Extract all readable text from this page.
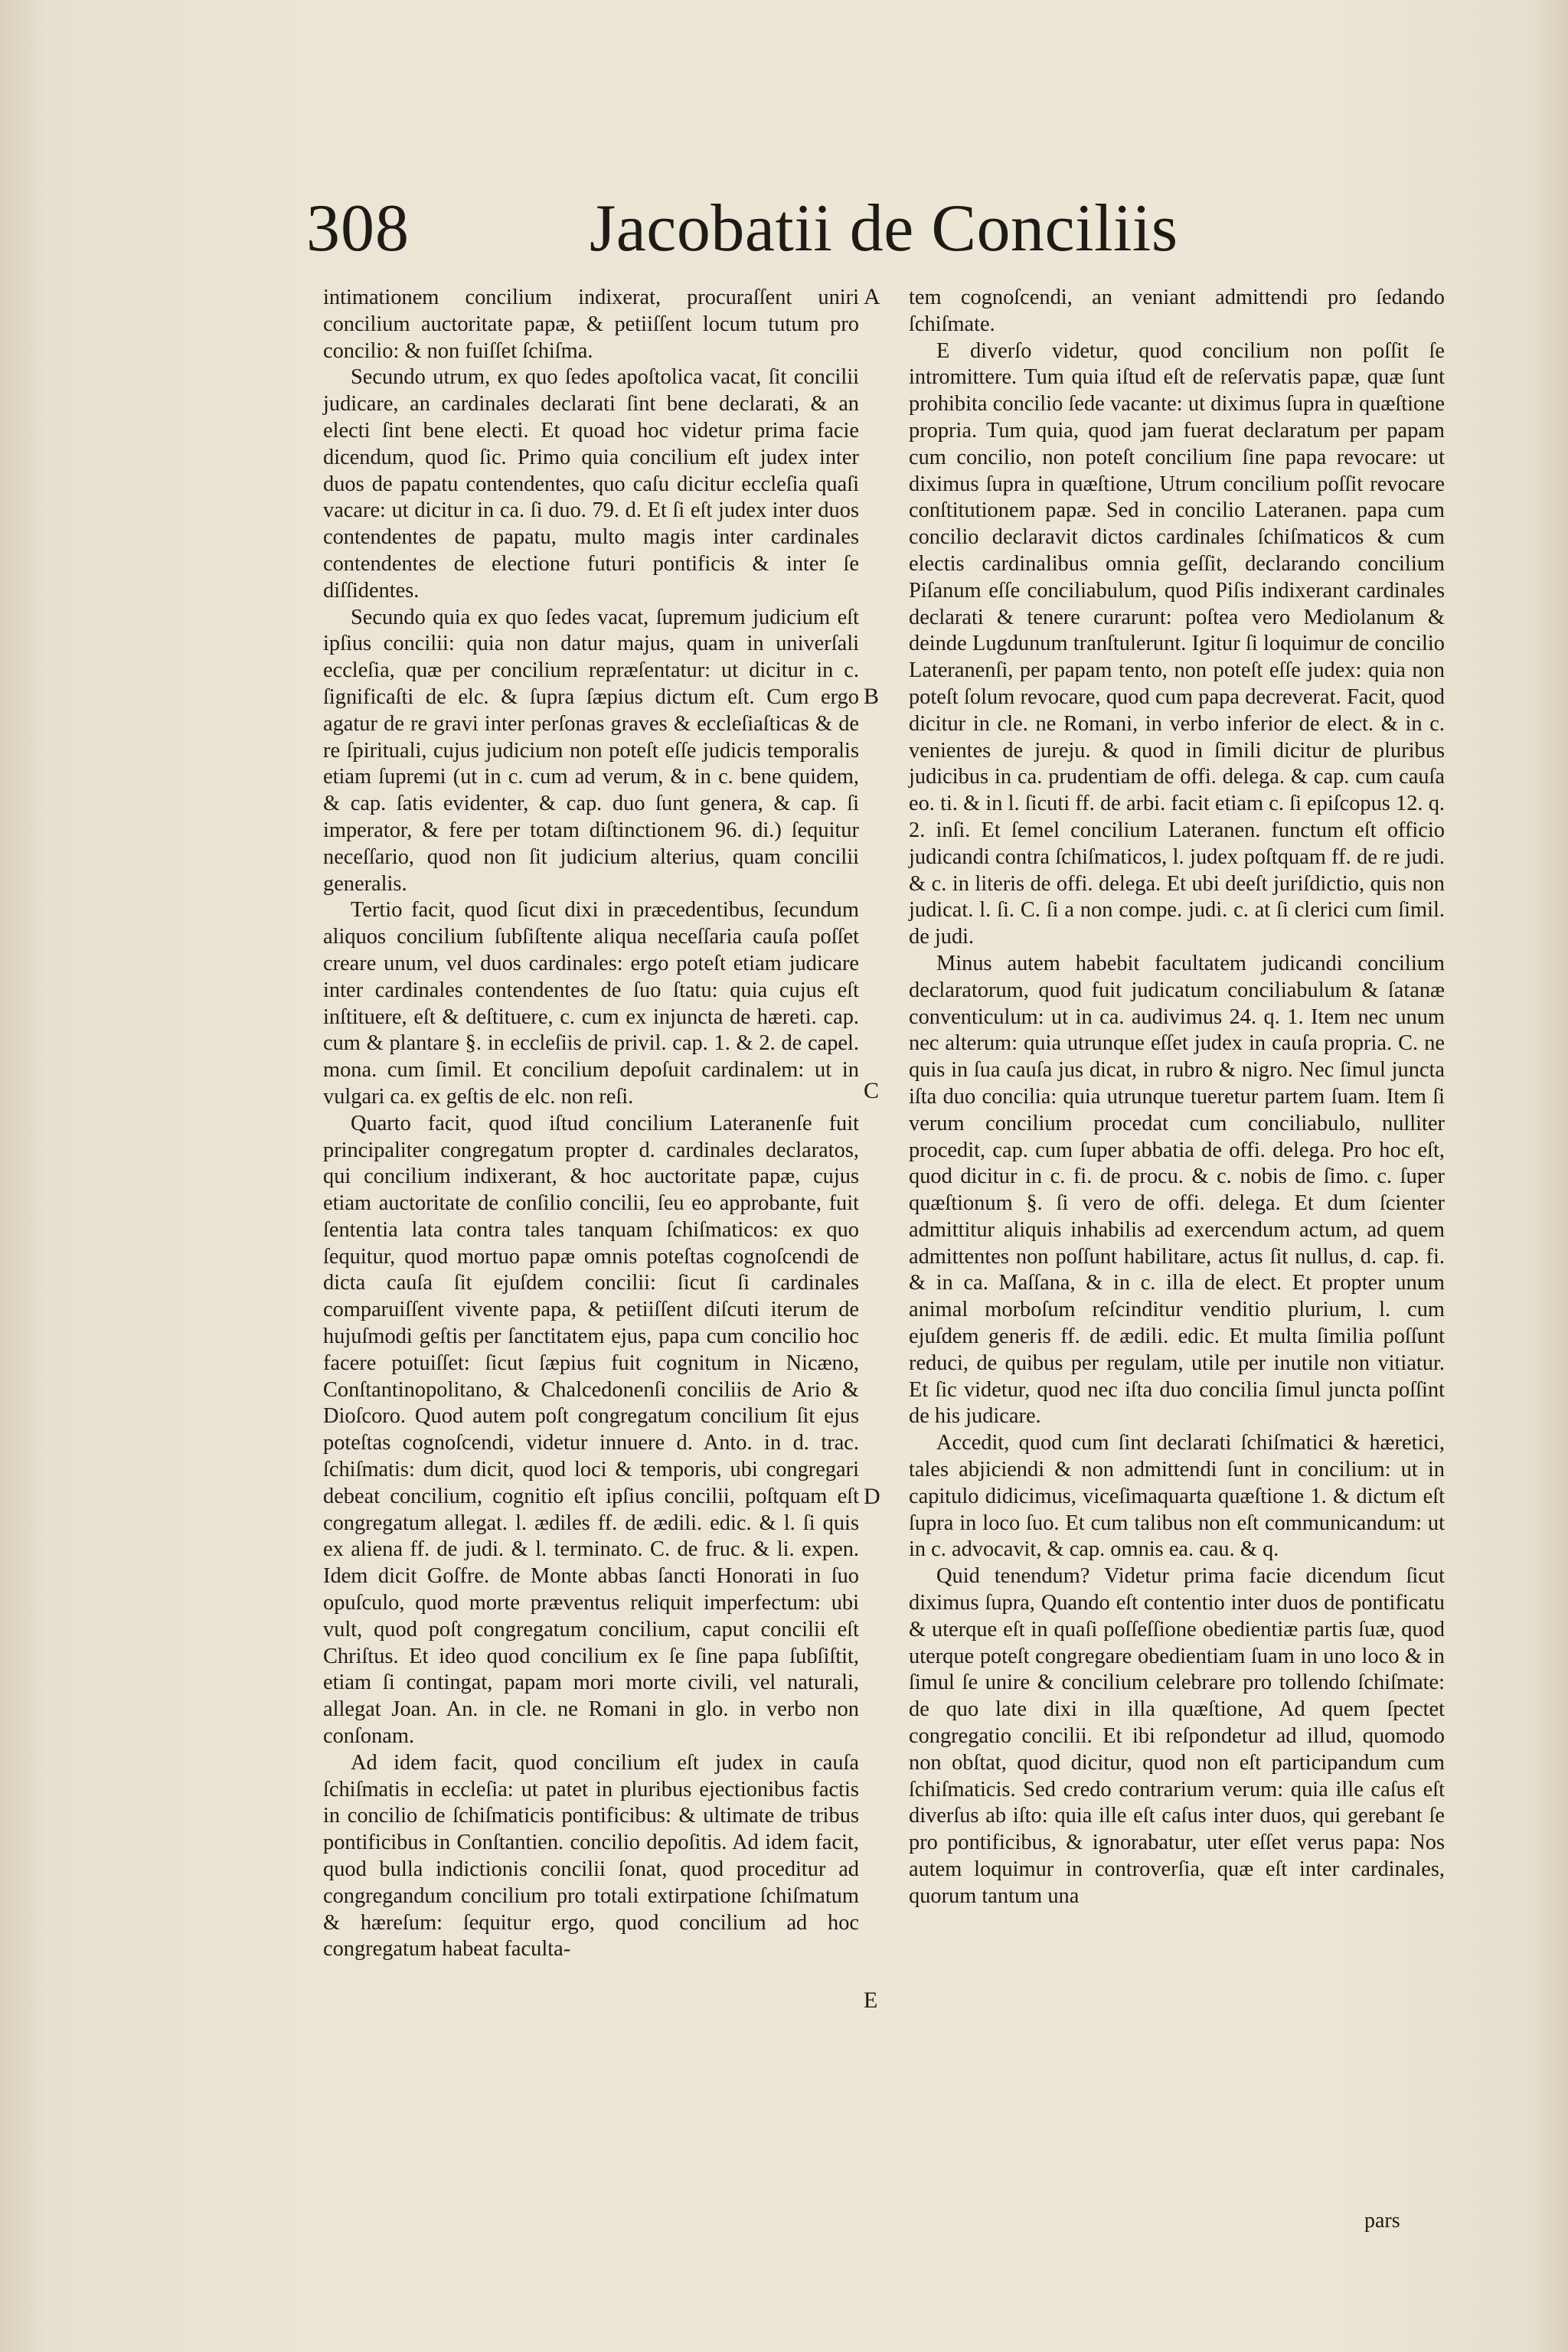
308	Jacobatii de Conciliis

intimationem concilium indixerat, procuraſſent uniri concilium auctoritate papæ, & petiiſſent locum tutum pro concilio: & non fuiſſet ſchiſma.

Secundo utrum, ex quo ſedes apoſtolica vacat, ſit concilii judicare, an cardinales declarati ſint bene declarati, & an electi ſint bene electi. Et quoad hoc videtur prima facie dicendum, quod ſic. Primo quia concilium eſt judex inter duos de papatu contendentes, quo caſu dicitur eccleſia quaſi vacare: ut dicitur in ca. ſi duo. 79. d. Et ſi eſt judex inter duos contendentes de papatu, multo magis inter cardinales contendentes de electione futuri pontificis & inter ſe diſſidentes.

Secundo quia ex quo ſedes vacat, ſupremum judicium eſt ipſius concilii: quia non datur majus, quam in univerſali eccleſia, quæ per concilium repræſentatur: ut dicitur in c. ſignificaſti de elc. & ſupra ſæpius dictum eſt. Cum ergo agatur de re gravi inter perſonas graves & eccleſiaſticas & de re ſpirituali, cujus judicium non poteſt eſſe judicis temporalis etiam ſupremi (ut in c. cum ad verum, & in c. bene quidem, & cap. ſatis evidenter, & cap. duo ſunt genera, & cap. ſi imperator, & fere per totam diſtinctionem 96. di.) ſequitur neceſſario, quod non ſit judicium alterius, quam concilii generalis.

Tertio facit, quod ſicut dixi in præcedentibus, ſecundum aliquos concilium ſubſiſtente aliqua neceſſaria cauſa poſſet creare unum, vel duos cardinales: ergo poteſt etiam judicare inter cardinales contendentes de ſuo ſtatu: quia cujus eſt inſtituere, eſt & deſtituere, c. cum ex injuncta de hæreti. cap. cum & plantare §. in eccleſiis de privil. cap. 1. & 2. de capel. mona. cum ſimil. Et concilium depoſuit cardinalem: ut in vulgari ca. ex geſtis de elc. non reſi.

Quarto facit, quod iſtud concilium Lateranenſe fuit principaliter congregatum propter d. cardinales declaratos, qui concilium indixerant, & hoc auctoritate papæ, cujus etiam auctoritate de conſilio concilii, ſeu eo approbante, fuit ſententia lata contra tales tanquam ſchiſmaticos: ex quo ſequitur, quod mortuo papæ omnis poteſtas cognoſcendi de dicta cauſa ſit ejuſdem concilii: ſicut ſi cardinales comparuiſſent vivente papa, & petiiſſent diſcuti iterum de hujuſmodi geſtis per ſanctitatem ejus, papa cum concilio hoc facere potuiſſet: ſicut ſæpius fuit cognitum in Nicæno, Conſtantinopolitano, & Chalcedonenſi conciliis de Ario & Dioſcoro. Quod autem poſt congregatum concilium ſit ejus poteſtas cognoſcendi, videtur innuere d. Anto. in d. trac. ſchiſmatis: dum dicit, quod loci & temporis, ubi congregari debeat concilium, cognitio eſt ipſius concilii, poſtquam eſt congregatum allegat. l. ædiles ff. de ædili. edic. & l. ſi quis ex aliena ff. de judi. & l. terminato. C. de fruc. & li. expen. Idem dicit Goſfre. de Monte abbas ſancti Honorati in ſuo opuſculo, quod morte præventus reliquit imperfectum: ubi vult, quod poſt congregatum concilium, caput concilii eſt Chriſtus. Et ideo quod concilium ex ſe ſine papa ſubſiſtit, etiam ſi contingat, papam mori morte civili, vel naturali, allegat Joan. An. in cle. ne Romani in glo. in verbo non conſonam.

Ad idem facit, quod concilium eſt judex in cauſa ſchiſmatis in eccleſia: ut patet in pluribus ejectionibus factis in concilio de ſchiſmaticis pontificibus: & ultimate de tribus pontificibus in Conſtantien. concilio depoſitis. Ad idem facit, quod bulla indictionis concilii ſonat, quod proceditur ad congregandum concilium pro totali extirpatione ſchiſmatum & hæreſum: ſequitur ergo, quod concilium ad hoc congregatum habeat faculta-

tem cognoſcendi, an veniant admittendi pro ſedando ſchiſmate.

E diverſo videtur, quod concilium non poſſit ſe intromittere. Tum quia iſtud eſt de reſervatis papæ, quæ ſunt prohibita concilio ſede vacante: ut diximus ſupra in quæſtione propria. Tum quia, quod jam fuerat declaratum per papam cum concilio, non poteſt concilium ſine papa revocare: ut diximus ſupra in quæſtione, Utrum concilium poſſit revocare conſtitutionem papæ. Sed in concilio Lateranen. papa cum concilio declaravit dictos cardinales ſchiſmaticos & cum electis cardinalibus omnia geſſit, declarando concilium Piſanum eſſe conciliabulum, quod Piſis indixerant cardinales declarati & tenere curarunt: poſtea vero Mediolanum & deinde Lugdunum tranſtulerunt. Igitur ſi loquimur de concilio Lateranenſi, per papam tento, non poteſt eſſe judex: quia non poteſt ſolum revocare, quod cum papa decreverat. Facit, quod dicitur in cle. ne Romani, in verbo inferior de elect. & in c. venientes de jureju. & quod in ſimili dicitur de pluribus judicibus in ca. prudentiam de offi. delega. & cap. cum cauſa eo. ti. & in l. ſicuti ff. de arbi. facit etiam c. ſi epiſcopus 12. q. 2. inſi. Et ſemel concilium Lateranen. functum eſt officio judicandi contra ſchiſmaticos, l. judex poſtquam ff. de re judi. & c. in literis de offi. delega. Et ubi deeſt juriſdictio, quis non judicat. l. ſi. C. ſi a non compe. judi. c. at ſi clerici cum ſimil. de judi.

Minus autem habebit facultatem judicandi concilium declaratorum, quod fuit judicatum conciliabulum & ſatanæ conventiculum: ut in ca. audivimus 24. q. 1. Item nec unum nec alterum: quia utrunque eſſet judex in cauſa propria. C. ne quis in ſua cauſa jus dicat, in rubro & nigro. Nec ſimul juncta iſta duo concilia: quia utrunque tueretur partem ſuam. Item ſi verum concilium procedat cum conciliabulo, nulliter procedit, cap. cum ſuper abbatia de offi. delega. Pro hoc eſt, quod dicitur in c. fi. de procu. & c. nobis de ſimo. c. ſuper quæſtionum §. ſi vero de offi. delega. Et dum ſcienter admittitur aliquis inhabilis ad exercendum actum, ad quem admittentes non poſſunt habilitare, actus ſit nullus, d. cap. fi. & in ca. Maſſana, & in c. illa de elect. Et propter unum animal morboſum reſcinditur venditio plurium, l. cum ejuſdem generis ff. de ædili. edic. Et multa ſimilia poſſunt reduci, de quibus per regulam, utile per inutile non vitiatur. Et ſic videtur, quod nec iſta duo concilia ſimul juncta poſſint de his judicare.

Accedit, quod cum ſint declarati ſchiſmatici & hæretici, tales abjiciendi & non admittendi ſunt in concilium: ut in capitulo didicimus, viceſimaquarta quæſtione 1. & dictum eſt ſupra in loco ſuo. Et cum talibus non eſt communicandum: ut in c. advocavit, & cap. omnis ea. cau. & q.

Quid tenendum? Videtur prima facie dicendum ſicut diximus ſupra, Quando eſt contentio inter duos de pontificatu & uterque eſt in quaſi poſſeſſione obedientiæ partis ſuæ, quod uterque poteſt congregare obedientiam ſuam in uno loco & in ſimul ſe unire & concilium celebrare pro tollendo ſchiſmate: de quo late dixi in illa quæſtione, Ad quem ſpectet congregatio concilii. Et ibi reſpondetur ad illud, quomodo non obſtat, quod dicitur, quod non eſt participandum cum ſchiſmaticis. Sed credo contrarium verum: quia ille caſus eſt diverſus ab iſto: quia ille eſt caſus inter duos, qui gerebant ſe pro pontificibus, & ignorabatur, uter eſſet verus papa: Nos autem loquimur in controverſia, quæ eſt inter cardinales, quorum tantum una

A
B
C
D
E
pars
